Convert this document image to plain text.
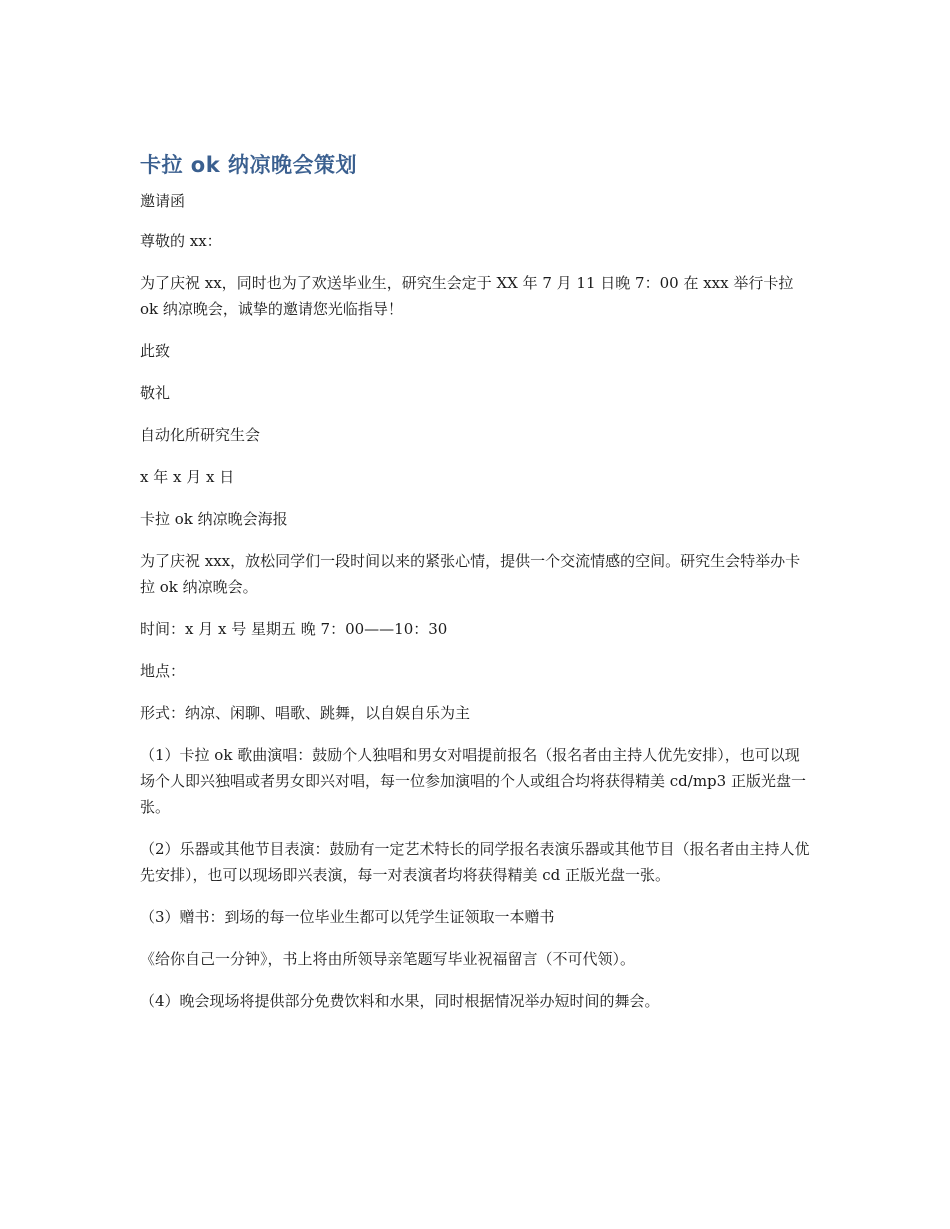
卡拉 ok 纳凉晚会策划

邀请函

尊敬的 xx：

为了庆祝 xx，同时也为了欢送毕业生，研究生会定于 XX 年 7 月 11 日晚 7：00 在 xxx 举行卡拉 ok 纳凉晚会，诚挚的邀请您光临指导！

此致

敬礼

自动化所研究生会

x 年 x 月 x 日

卡拉 ok 纳凉晚会海报

为了庆祝 xxx，放松同学们一段时间以来的紧张心情，提供一个交流情感的空间。研究生会特举办卡拉 ok 纳凉晚会。

时间：x 月 x 号 星期五 晚 7：00——10：30

地点：

形式：纳凉、闲聊、唱歌、跳舞，以自娱自乐为主

（1）卡拉 ok 歌曲演唱：鼓励个人独唱和男女对唱提前报名（报名者由主持人优先安排），也可以现场个人即兴独唱或者男女即兴对唱，每一位参加演唱的个人或组合均将获得精美 cd/mp3 正版光盘一张。

（2）乐器或其他节目表演：鼓励有一定艺术特长的同学报名表演乐器或其他节目（报名者由主持人优先安排），也可以现场即兴表演，每一对表演者均将获得精美 cd 正版光盘一张。

（3）赠书：到场的每一位毕业生都可以凭学生证领取一本赠书

《给你自己一分钟》，书上将由所领导亲笔题写毕业祝福留言（不可代领）。

（4）晚会现场将提供部分免费饮料和水果，同时根据情况举办短时间的舞会。
